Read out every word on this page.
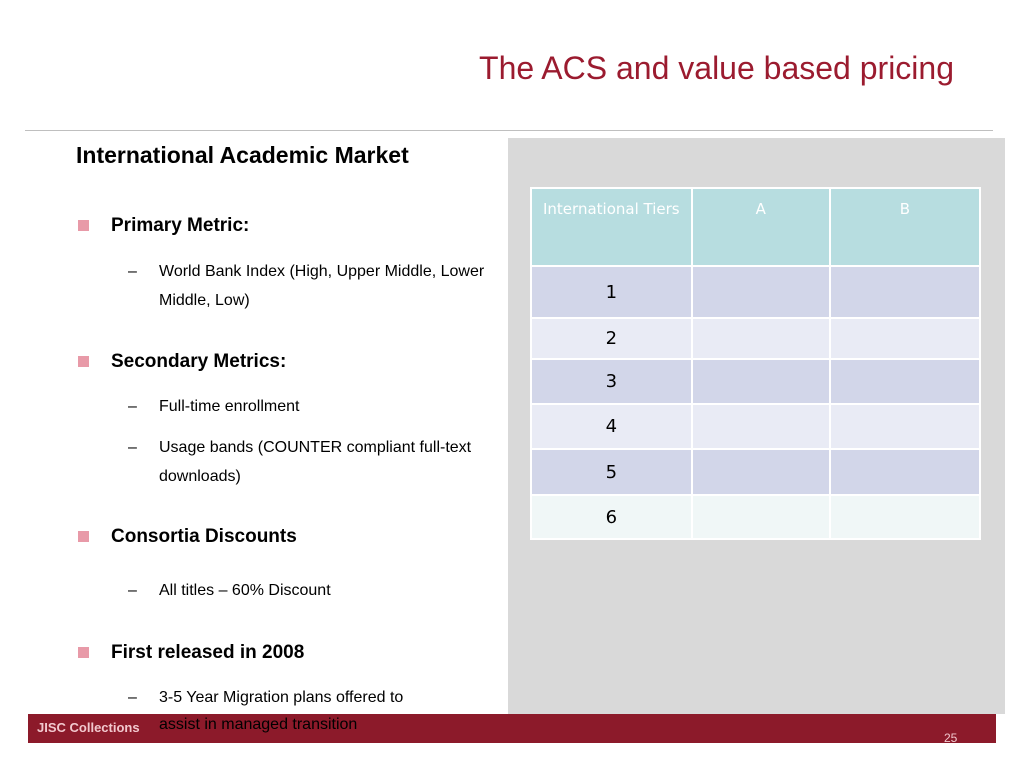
The ACS and value based pricing
International Academic Market
Primary Metric:
–	World Bank Index (High, Upper Middle, Lower Middle, Low)
Secondary Metrics:
–	Full-time enrollment
–	Usage bands (COUNTER compliant full-text downloads)
Consortia Discounts
–	All titles – 60% Discount
First released in 2008
–	3-5 Year Migration plans offered to
International Tiers	A	B
1		
2		
3		
4		
5		
6		
JISC Collections assist in managed transition
25
